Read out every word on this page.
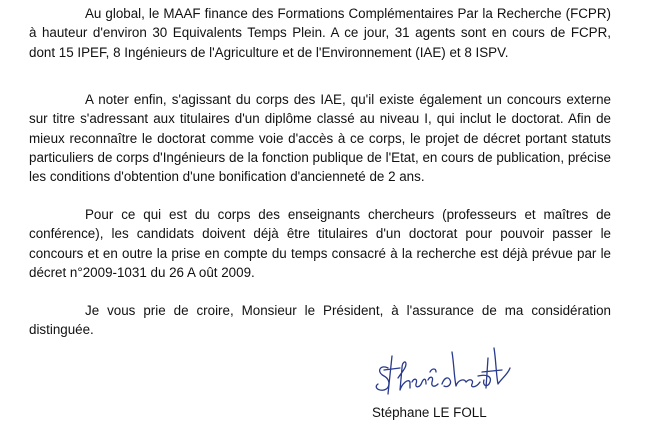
Au global, le MAAF finance des Formations Complémentaires Par la Recherche (FCPR) à hauteur d'environ 30 Equivalents Temps Plein. A ce jour, 31 agents sont en cours de FCPR, dont 15 IPEF, 8 Ingénieurs de l'Agriculture et de l'Environnement (IAE) et 8 ISPV.

A noter enfin, s'agissant du corps des IAE, qu'il existe également un concours externe sur titre s'adressant aux titulaires d'un diplôme classé au niveau I, qui inclut le doctorat. Afin de mieux reconnaître le doctorat comme voie d'accès à ce corps, le projet de décret portant statuts particuliers de corps d'Ingénieurs de la fonction publique de l'Etat, en cours de publication, précise les conditions d'obtention d'une bonification d'ancienneté de 2 ans.

Pour ce qui est du corps des enseignants chercheurs (professeurs et maîtres de conférence), les candidats doivent déjà être titulaires d'un doctorat pour pouvoir passer le concours et en outre la prise en compte du temps consacré à la recherche est déjà prévue par le décret n°2009-1031 du 26 A oût 2009.

Je vous prie de croire, Monsieur le Président, à l'assurance de ma considération distinguée.

Stéphane LE FOLL
